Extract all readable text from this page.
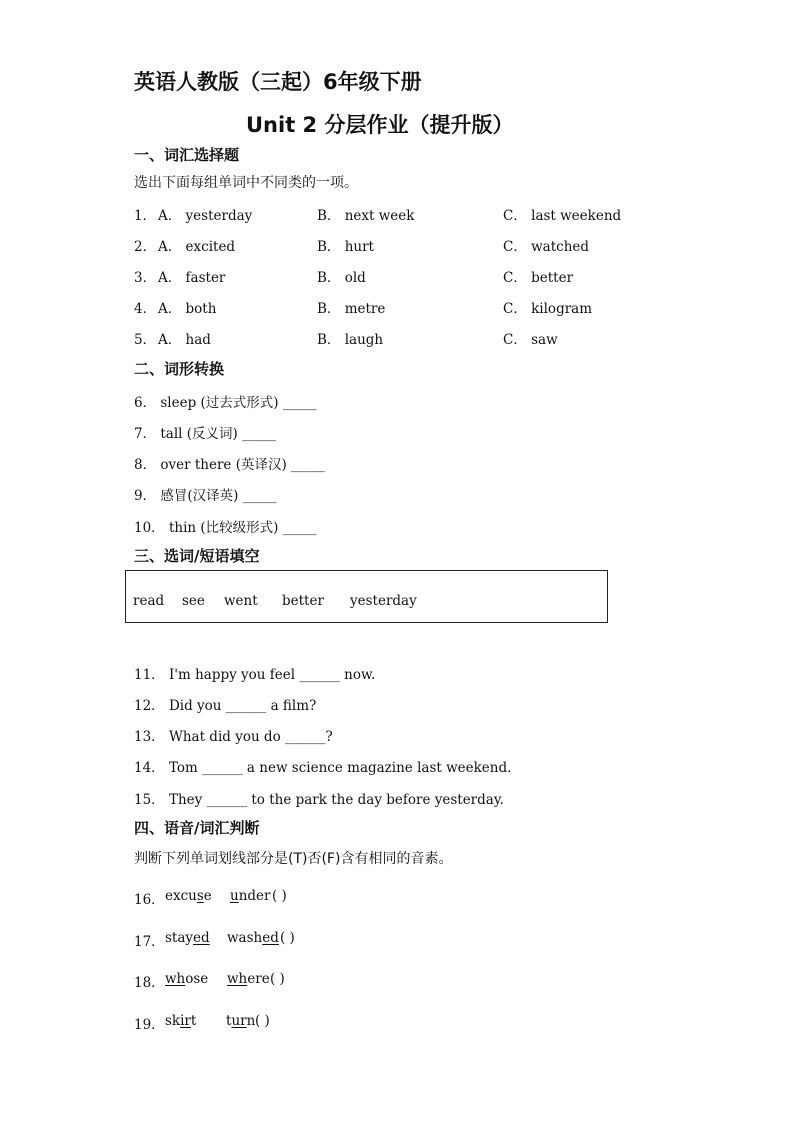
英语人教版（三起）6年级下册
Unit 2 分层作业（提升版）
一、词汇选择题
选出下面每组单词中不同类的一项。
1． A． yesterday	B． next week	C． last weekend
2． A． excited	B． hurt	C． watched
3． A． faster	B． old	C． better
4． A． both	B． metre	C． kilogram
5． A． had	B． laugh	C． saw
二、词形转换
6． sleep (过去式形式) _____
7． tall (反义词) _____
8． over there (英译汉) _____
9． 感冒(汉译英) _____
10． thin (比较级形式) _____
三、选词/短语填空
read see went better yesterday
11． I'm happy you feel ______ now.
12． Did you ______ a film?
13． What did you do ______?
14． Tom ______ a new science magazine last weekend.
15． They ______ to the park the day before yesterday.
四、语音/词汇判断
判断下列单词划线部分是(T)否(F)含有相同的音素。
16． excuse under ( )
17． stayed washed ( )
18． whose where ( )
19． skirt turn ( )
